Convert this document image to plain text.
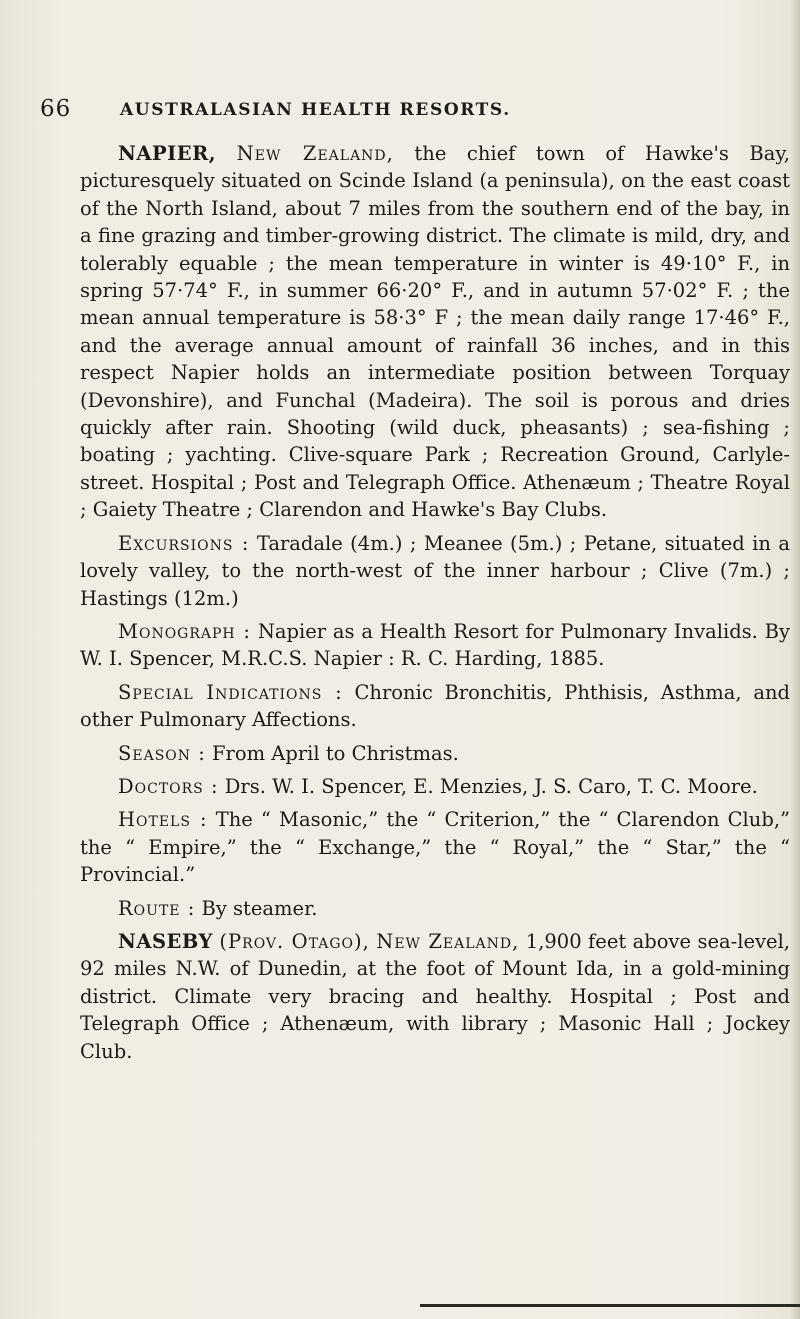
66	AUSTRALASIAN HEALTH RESORTS.

NAPIER, New Zealand, the chief town of Hawke's Bay, picturesquely situated on Scinde Island (a peninsula), on the east coast of the North Island, about 7 miles from the southern end of the bay, in a fine grazing and timber-growing district. The climate is mild, dry, and tolerably equable ; the mean temperature in winter is 49·10° F., in spring 57·74° F., in summer 66·20° F., and in autumn 57·02° F. ; the mean annual temperature is 58·3° F ; the mean daily range 17·46° F., and the average annual amount of rainfall 36 inches, and in this respect Napier holds an intermediate position between Torquay (Devonshire), and Funchal (Madeira). The soil is porous and dries quickly after rain. Shooting (wild duck, pheasants) ; sea-fishing ; boating ; yachting. Clive-square Park ; Recreation Ground, Carlyle-street. Hospital ; Post and Telegraph Office. Athenæum ; Theatre Royal ; Gaiety Theatre ; Clarendon and Hawke's Bay Clubs.

Excursions : Taradale (4m.) ; Meanee (5m.) ; Petane, situated in a lovely valley, to the north-west of the inner harbour ; Clive (7m.) ; Hastings (12m.)

Monograph : Napier as a Health Resort for Pulmonary Invalids. By W. I. Spencer, M.R.C.S. Napier : R. C. Harding, 1885.

Special Indications : Chronic Bronchitis, Phthisis, Asthma, and other Pulmonary Affections.

Season : From April to Christmas.

Doctors : Drs. W. I. Spencer, E. Menzies, J. S. Caro, T. C. Moore.

Hotels : The “ Masonic,” the “ Criterion,” the “ Clarendon Club,” the “ Empire,” the “ Exchange,” the “ Royal,” the “ Star,” the “ Provincial.”

Route : By steamer.

NASEBY (Prov. Otago), New Zealand, 1,900 feet above sea-level, 92 miles N.W. of Dunedin, at the foot of Mount Ida, in a gold-mining district. Climate very bracing and healthy. Hospital ; Post and Telegraph Office ; Athenæum, with library ; Masonic Hall ; Jockey Club.
